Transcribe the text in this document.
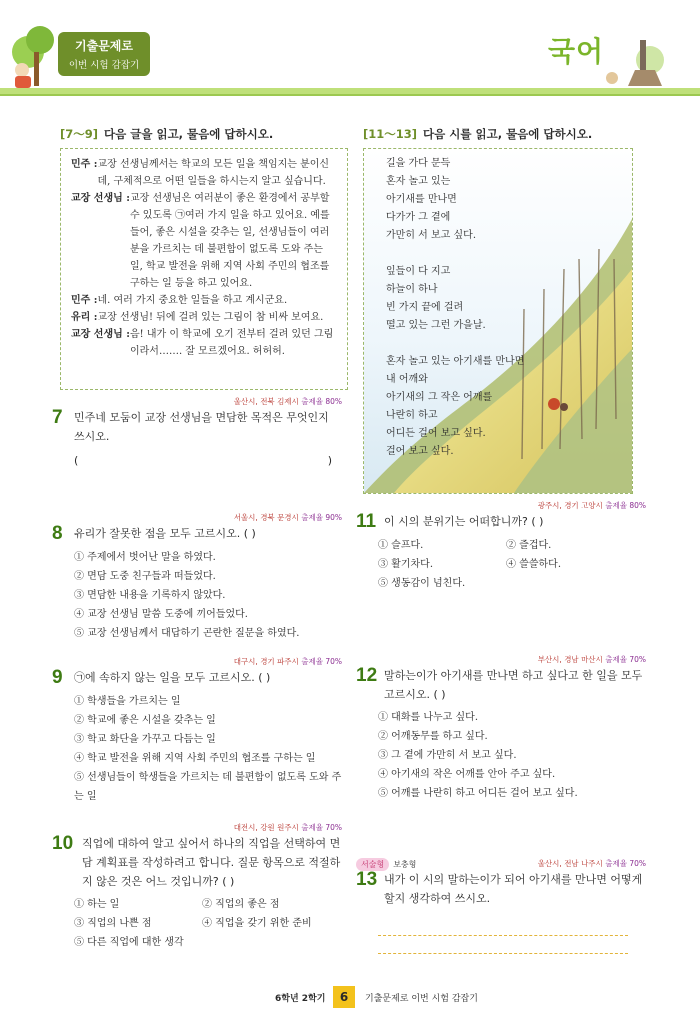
기출문제로
이번 시험 감잡기	국어
[7～9] 다음 글을 읽고, 물음에 답하시오.
민주 : 교장 선생님께서는 학교의 모든 일을 책임지는 분이신데, 구체적으로 어떤 일들을 하시는지 알고 싶습니다.
교장 선생님 : 교장 선생님은 여러분이 좋은 환경에서 공부할 수 있도록 ㉠여러 가지 일을 하고 있어요. 예를 들어, 좋은 시설을 갖추는 일, 선생님들이 여러분을 가르치는 데 불편함이 없도록 도와 주는 일, 학교 발전을 위해 지역 사회 주민의 협조를 구하는 일 등을 하고 있어요.
민주 : 네. 여러 가지 중요한 일들을 하고 계시군요.
유리 : 교장 선생님! 뒤에 걸려 있는 그림이 참 비싸 보여요.
교장 선생님 : 음! 내가 이 학교에 오기 전부터 걸려 있던 그림이라서……. 잘 모르겠어요. 허허허.
[11～13] 다음 시를 읽고, 물음에 답하시오.
길을 가다 문득
혼자 놀고 있는
아기새를 만나면
다가가 그 곁에
가만히 서 보고 싶다.
잎들이 다 지고
하늘이 하나
빈 가지 끝에 걸려
떨고 있는 그런 가을날.
혼자 놀고 있는 아기새를 만나면
내 어깨와
아기새의 그 작은 어깨를
나란히 하고
어디든 걸어 보고 싶다.
걸어 보고 싶다.
울산시, 전북 김제시 출제율 80%
7	민주네 모둠이 교장 선생님을 면담한 목적은 무엇인지 쓰시오.
(	)
서울시, 경북 문경시 출제율 90%
8	유리가 잘못한 점을 모두 고르시오. ( )
① 주제에서 벗어난 말을 하였다.
② 면담 도중 친구들과 떠들었다.
③ 면담한 내용을 기록하지 않았다.
④ 교장 선생님 말씀 도중에 끼어들었다.
⑤ 교장 선생님께서 대답하기 곤란한 질문을 하였다.
대구시, 경기 파주시 출제율 70%
9	㉠에 속하지 않는 일을 모두 고르시오. ( )
① 학생들을 가르치는 일
② 학교에 좋은 시설을 갖추는 일
③ 학교 화단을 가꾸고 다듬는 일
④ 학교 발전을 위해 지역 사회 주민의 협조를 구하는 일
⑤ 선생님들이 학생들을 가르치는 데 불편함이 없도록 도와 주는 일
대전시, 강원 원주시 출제율 70%
10 직업에 대하여 알고 싶어서 하나의 직업을 선택하여 면담 계획표를 작성하려고 합니다. 질문 항목으로 적절하지 않은 것은 어느 것입니까? ( )
① 하는 일	② 직업의 좋은 점
③ 직업의 나쁜 점	④ 직업을 갖기 위한 준비
⑤ 다른 직업에 대한 생각
광주시, 경기 고양시 출제율 80%
11 이 시의 분위기는 어떠합니까? ( )
① 슬프다.	② 즐겁다.
③ 활기차다.	④ 쓸쓸하다.
⑤ 생동감이 넘친다.
부산시, 경남 마산시 출제율 70%
12 말하는이가 아기새를 만나면 하고 싶다고 한 일을 모두 고르시오. ( )
① 대화를 나누고 싶다.
② 어깨동무를 하고 싶다.
③ 그 곁에 가만히 서 보고 싶다.
④ 아기새의 작은 어깨를 안아 주고 싶다.
⑤ 어깨를 나란히 하고 어디든 걸어 보고 싶다.
서술형 보충형	울산시, 전남 나주시 출제율 70%
13 내가 이 시의 말하는이가 되어 아기새를 만나면 어떻게 할지 생각하여 쓰시오.
6학년 2학기	6	기출문제로 이번 시험 감잡기
